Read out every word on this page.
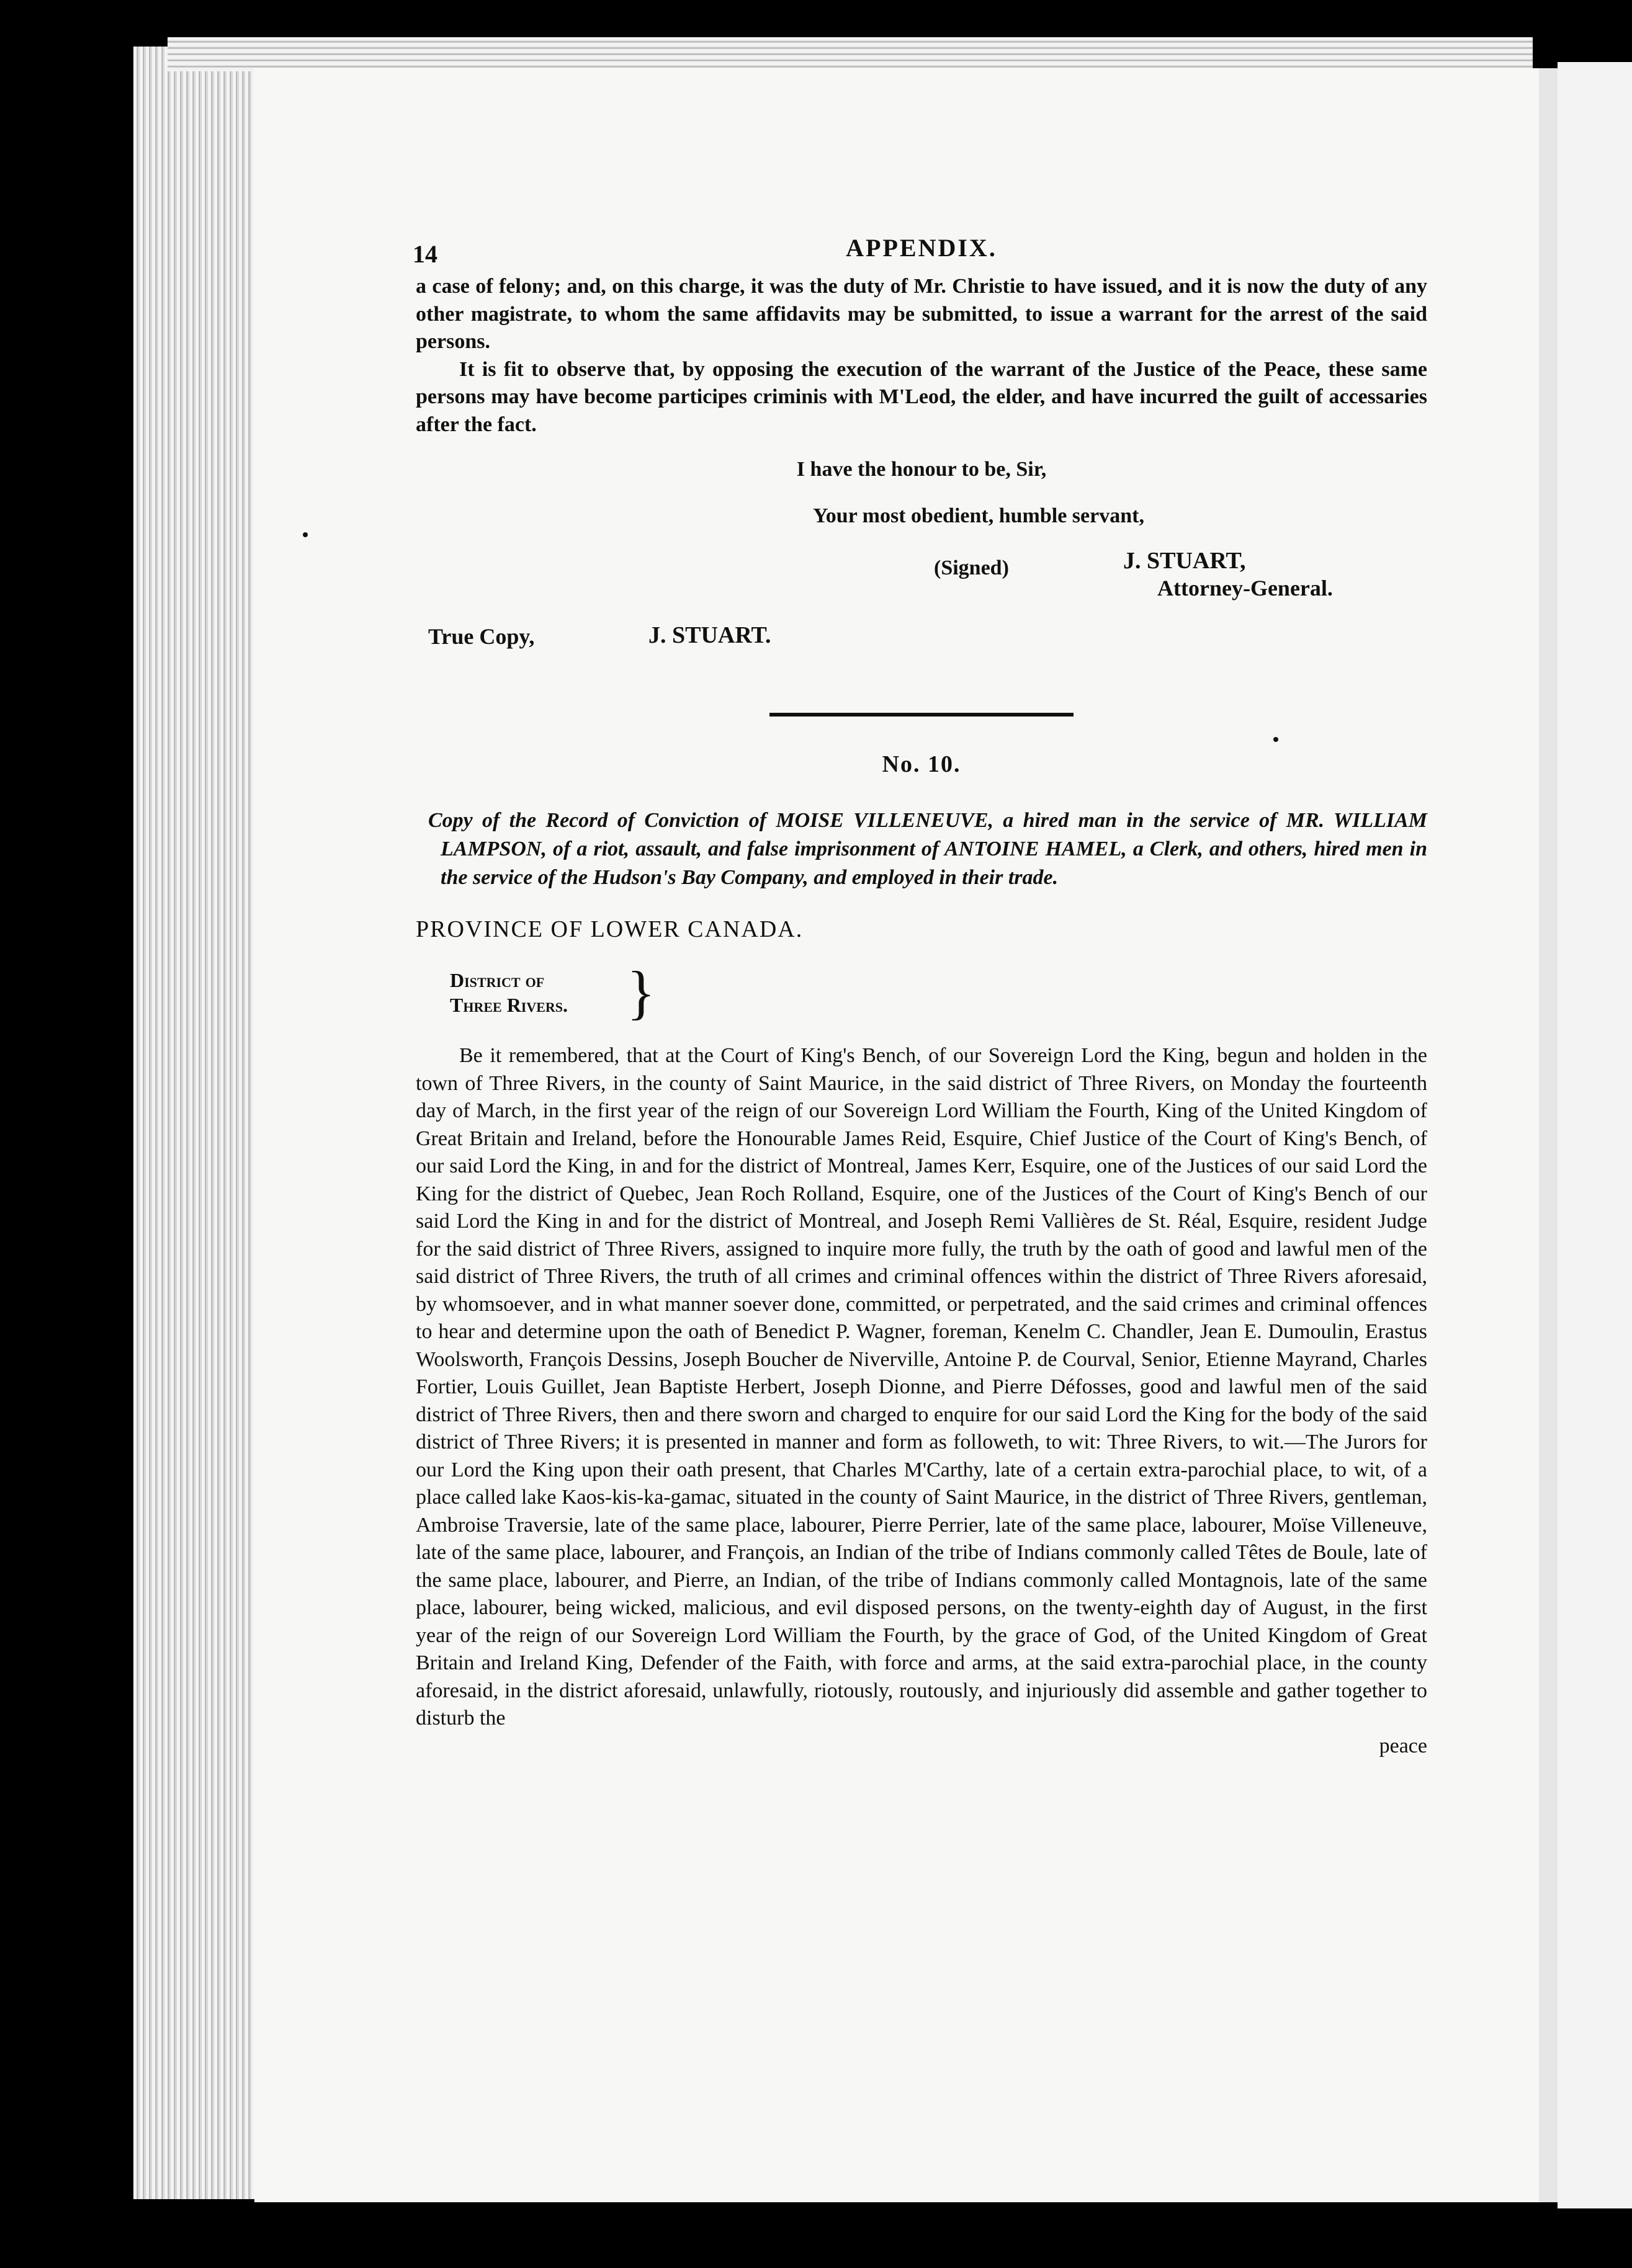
14	APPENDIX.

a case of felony; and, on this charge, it was the duty of Mr. Christie to have issued, and it is now the duty of any other magistrate, to whom the same affidavits may be submitted, to issue a warrant for the arrest of the said persons.

It is fit to observe that, by opposing the execution of the warrant of the Justice of the Peace, these same persons may have become participes criminis with M'Leod, the elder, and have incurred the guilt of accessaries after the fact.

I have the honour to be, Sir,

Your most obedient, humble servant,

(Signed)	J. STUART,
Attorney-General.
True Copy,	J. STUART.

No. 10.

Copy of the Record of Conviction of MOISE VILLENEUVE, a hired man in the service of MR. WILLIAM LAMPSON, of a riot, assault, and false imprisonment of ANTOINE HAMEL, a Clerk, and others, hired men in the service of the Hudson's Bay Company, and employed in their trade.

PROVINCE OF LOWER CANADA.

District of
Three Rivers. }

Be it remembered, that at the Court of King's Bench, of our Sovereign Lord the King, begun and holden in the town of Three Rivers, in the county of Saint Maurice, in the said district of Three Rivers, on Monday the fourteenth day of March, in the first year of the reign of our Sovereign Lord William the Fourth, King of the United Kingdom of Great Britain and Ireland, before the Honourable James Reid, Esquire, Chief Justice of the Court of King's Bench, of our said Lord the King, in and for the district of Montreal, James Kerr, Esquire, one of the Justices of our said Lord the King for the district of Quebec, Jean Roch Rolland, Esquire, one of the Justices of the Court of King's Bench of our said Lord the King in and for the district of Montreal, and Joseph Remi Vallières de St. Réal, Esquire, resident Judge for the said district of Three Rivers, assigned to inquire more fully, the truth by the oath of good and lawful men of the said district of Three Rivers, the truth of all crimes and criminal offences within the district of Three Rivers aforesaid, by whomsoever, and in what manner soever done, committed, or perpetrated, and the said crimes and criminal offences to hear and determine upon the oath of Benedict P. Wagner, foreman, Kenelm C. Chandler, Jean E. Dumoulin, Erastus Woolsworth, François Dessins, Joseph Boucher de Niverville, Antoine P. de Courval, Senior, Etienne Mayrand, Charles Fortier, Louis Guillet, Jean Baptiste Herbert, Joseph Dionne, and Pierre Défosses, good and lawful men of the said district of Three Rivers, then and there sworn and charged to enquire for our said Lord the King for the body of the said district of Three Rivers; it is presented in manner and form as followeth, to wit: Three Rivers, to wit.—The Jurors for our Lord the King upon their oath present, that Charles M'Carthy, late of a certain extra-parochial place, to wit, of a place called lake Kaos-kis-ka-gamac, situated in the county of Saint Maurice, in the district of Three Rivers, gentleman, Ambroise Traversie, late of the same place, labourer, Pierre Perrier, late of the same place, labourer, Moïse Villeneuve, late of the same place, labourer, and François, an Indian of the tribe of Indians commonly called Têtes de Boule, late of the same place, labourer, and Pierre, an Indian, of the tribe of Indians commonly called Montagnois, late of the same place, labourer, being wicked, malicious, and evil disposed persons, on the twenty-eighth day of August, in the first year of the reign of our Sovereign Lord William the Fourth, by the grace of God, of the United Kingdom of Great Britain and Ireland King, Defender of the Faith, with force and arms, at the said extra-parochial place, in the county aforesaid, in the district aforesaid, unlawfully, riotously, routously, and injuriously did assemble and gather together to disturb the

peace
